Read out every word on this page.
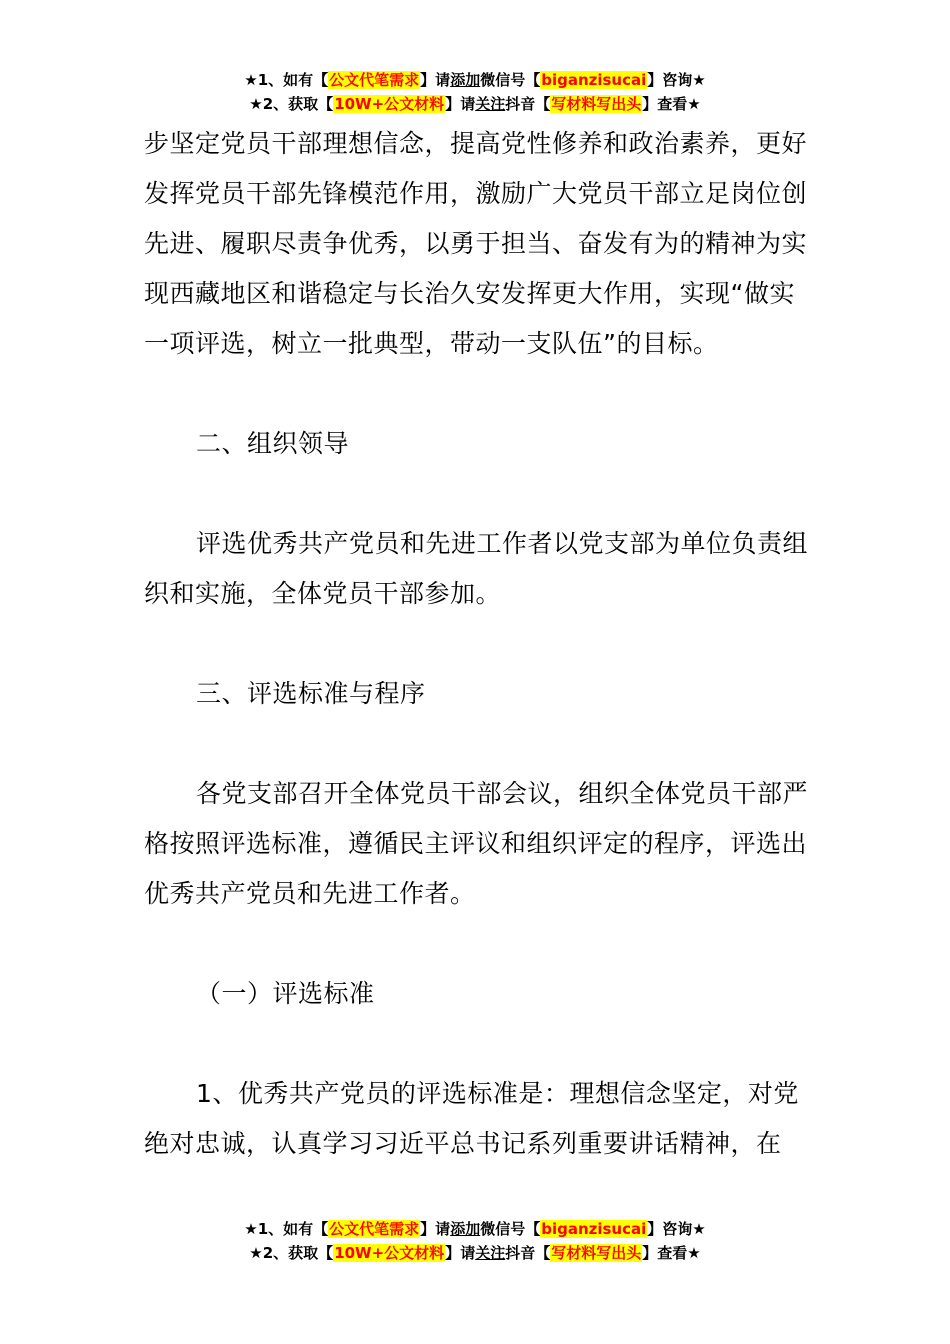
★1、如有【公文代笔需求】请添加微信号【biganzisucai】咨询★
★2、获取【10W+公文材料】请关注抖音【写材料写出头】查看★

步坚定党员干部理想信念，提高党性修养和政治素养，更好发挥党员干部先锋模范作用，激励广大党员干部立足岗位创先进、履职尽责争优秀，以勇于担当、奋发有为的精神为实现西藏地区和谐稳定与长治久安发挥更大作用，实现“做实一项评选，树立一批典型，带动一支队伍”的目标。

二、组织领导

评选优秀共产党员和先进工作者以党支部为单位负责组织和实施，全体党员干部参加。

三、评选标准与程序

各党支部召开全体党员干部会议，组织全体党员干部严格按照评选标准，遵循民主评议和组织评定的程序，评选出优秀共产党员和先进工作者。

（一）评选标准

1、优秀共产党员的评选标准是：理想信念坚定，对党绝对忠诚，认真学习习近平总书记系列重要讲话精神，在

★1、如有【公文代笔需求】请添加微信号【biganzisucai】咨询★
★2、获取【10W+公文材料】请关注抖音【写材料写出头】查看★
